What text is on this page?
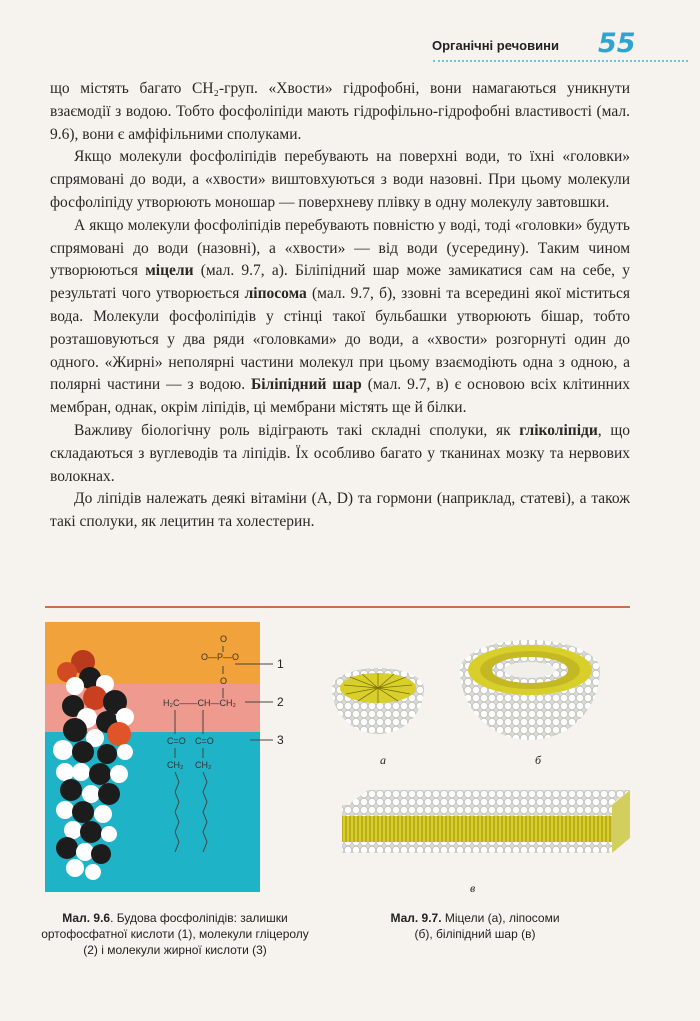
Органічні речовини 55

що містять багато CH₂-груп. «Хвости» гідрофобні, вони намагаються уникнути взаємодії з водою. Тобто фосфоліпіди мають гідрофільно-гідрофобні властивості (мал. 9.6), вони є амфіфільними сполуками.

Якщо молекули фосфоліпідів перебувають на поверхні води, то їхні «головки» спрямовані до води, а «хвости» виштовхуються з води назовні. При цьому молекули фосфоліпіду утворюють моношар — поверхневу плівку в одну молекулу завтовшки.

А якщо молекули фосфоліпідів перебувають повністю у воді, тоді «головки» будуть спрямовані до води (назовні), а «хвости» — від води (усередину). Таким чином утворюються міцели (мал. 9.7, а). Біліпідний шар може замикатися сам на себе, у результаті чого утворюється ліпосома (мал. 9.7, б), ззовні та всередині якої міститься вода. Молекули фосфоліпідів у стінці такої бульбашки утворюють бішар, тобто розташовуються у два ряди «головками» до води, а «хвости» розгорнуті один до одного. «Жирні» неполярні частини молекул при цьому взаємодіють одна з одною, а полярні частини — з водою. Біліпідний шар (мал. 9.7, в) є основою всіх клітинних мембран, однак, окрім ліпідів, ці мембрани містять ще й білки.

Важливу біологічну роль відіграють такі складні сполуки, як гліколіпіди, що складаються з вуглеводів та ліпідів. Їх особливо багато у тканинах мозку та нервових волокнах.

До ліпідів належать деякі вітаміни (A, D) та гормони (наприклад, статеві), а також такі сполуки, як лецитин та холестерин.

O
O—P—O
O
H₂C——CH—CH₂
C=O C=O
CH₂ CH₂
1
2
3
а	б
в
Мал. 9.6. Будова фосфоліпідів: залишки ортофосфатної кислоти (1), молекули гліцеролу (2) і молекули жирної кислоти (3)
Мал. 9.7. Міцели (а), ліпосоми (б), біліпідний шар (в)
